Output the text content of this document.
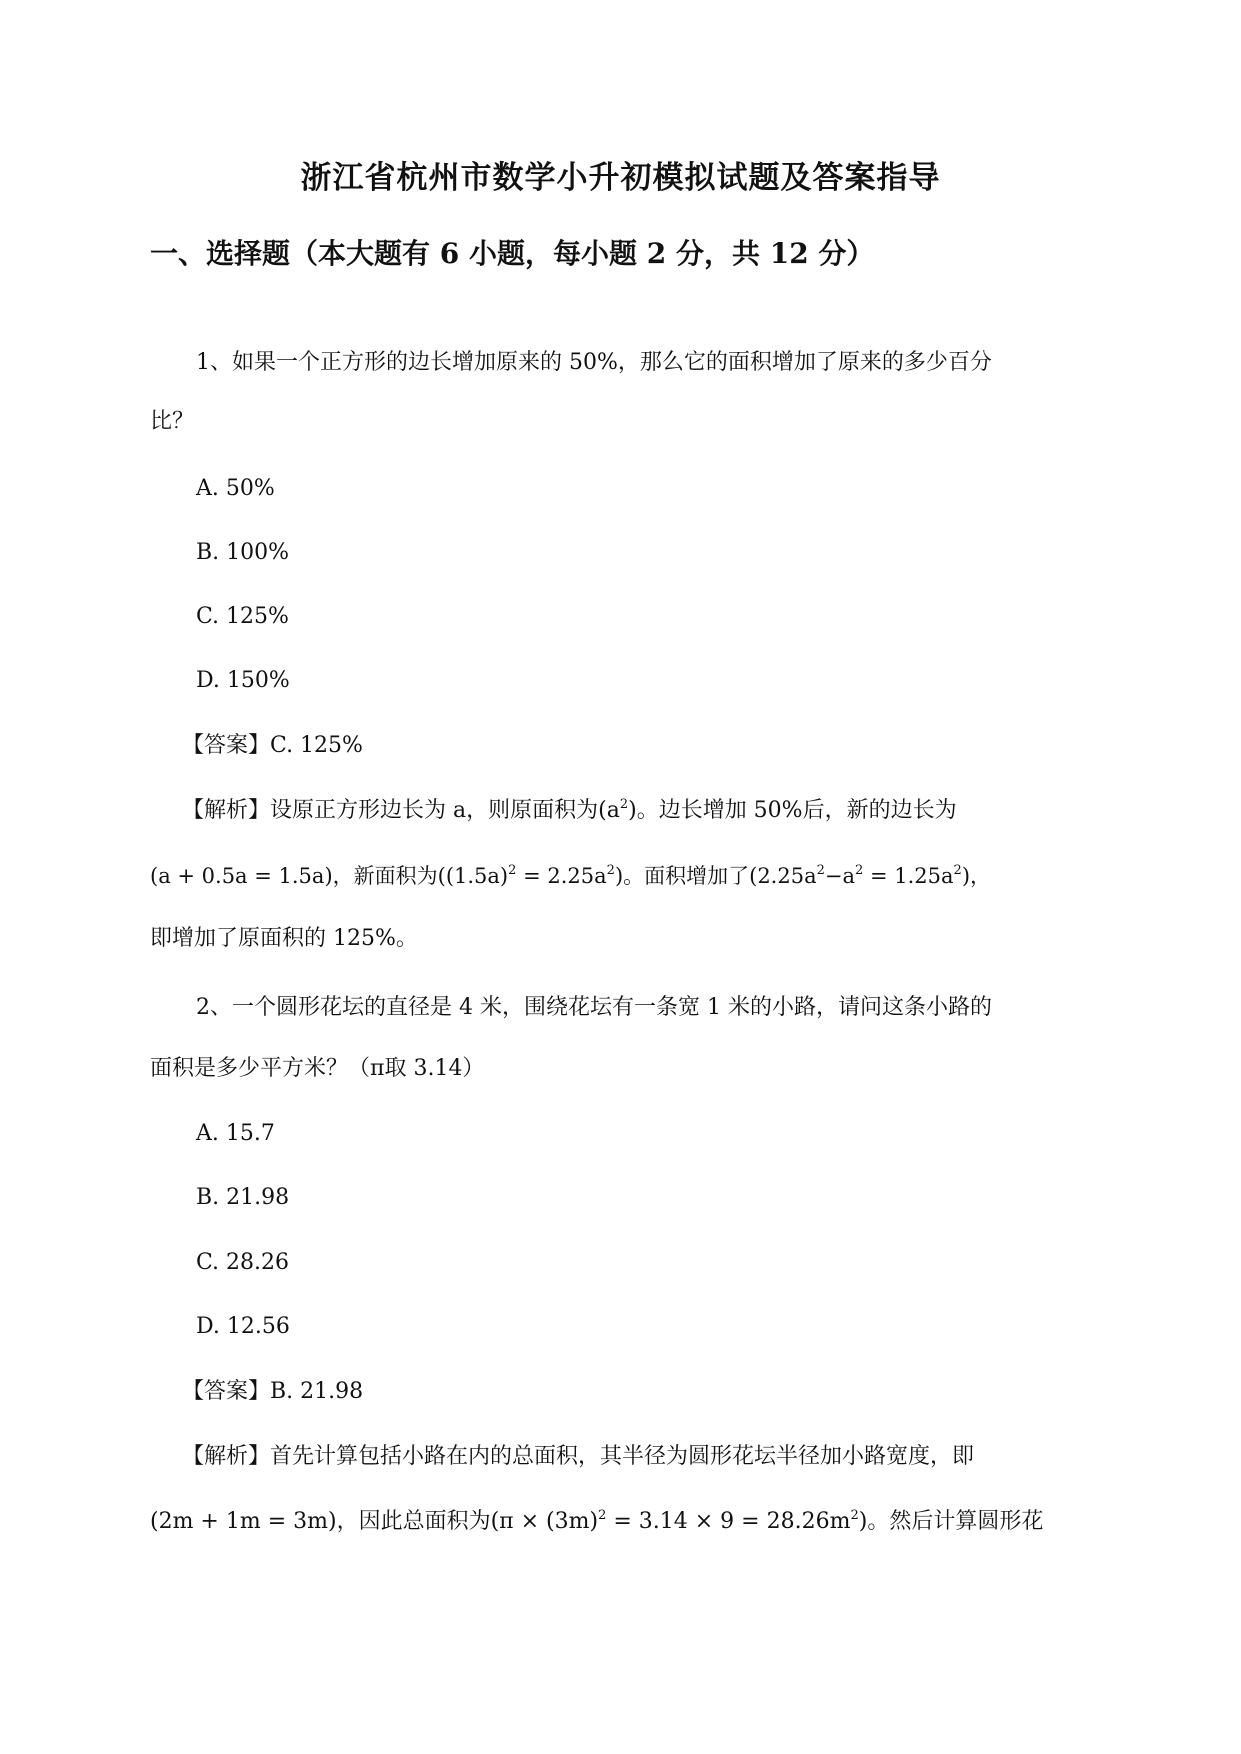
浙江省杭州市数学小升初模拟试题及答案指导
一、选择题（本大题有 6 小题，每小题 2 分，共 12 分）

1、如果一个正方形的边长增加原来的 50%，那么它的面积增加了原来的多少百分

比？

A. 50%

B. 100%

C. 125%

D. 150%

【答案】C. 125%

【解析】设原正方形边长为 a，则原面积为$(a^2)$。边长增加 50%后，新的边长为

(a + 0.5a = 1.5a)，新面积为$((1.5a)^2 = 2.25a^2)$。面积增加了$(2.25a^2-a^2 = 1.25a^2)$，

即增加了原面积的 125%。

2、一个圆形花坛的直径是 4 米，围绕花坛有一条宽 1 米的小路，请问这条小路的

面积是多少平方米？（π取 3.14）

A. 15.7

B. 21.98

C. 28.26

D. 12.56

【答案】B. 21.98

【解析】首先计算包括小路在内的总面积，其半径为圆形花坛半径加小路宽度，即

(2m + 1m = 3m)，因此总面积为$(\pi \times (3m)^2 = 3.14 \times 9 = 28.26m^2)$。然后计算圆形花
